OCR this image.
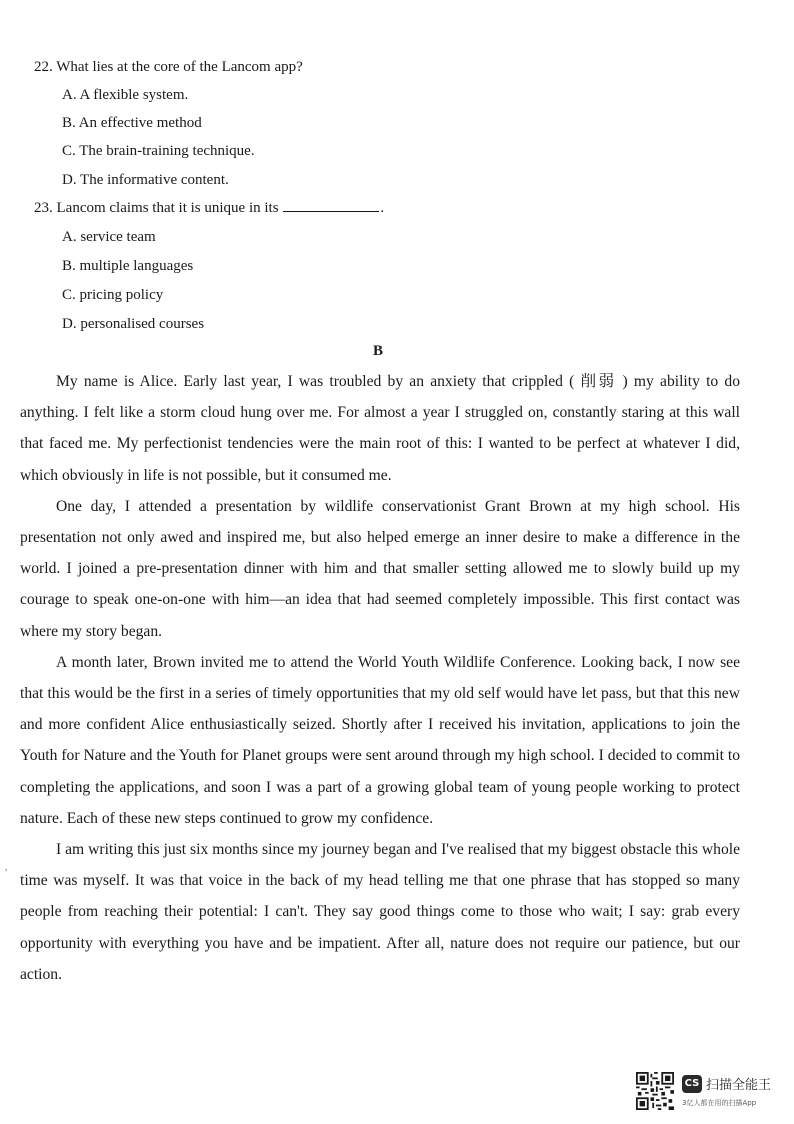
22. What lies at the core of the Lancom app?
A. A flexible system.
B. An effective method
C. The brain-training technique.
D. The informative content.
23. Lancom claims that it is unique in its	.
A. service team
B. multiple languages
C. pricing policy
D. personalised courses
B

My name is Alice. Early last year, I was troubled by an anxiety that crippled ( 削弱 ) my ability to do anything. I felt like a storm cloud hung over me. For almost a year I struggled on, constantly staring at this wall that faced me. My perfectionist tendencies were the main root of this: I wanted to be perfect at whatever I did, which obviously in life is not possible, but it consumed me.

One day, I attended a presentation by wildlife conservationist Grant Brown at my high school. His presentation not only awed and inspired me, but also helped emerge an inner desire to make a difference in the world. I joined a pre-presentation dinner with him and that smaller setting allowed me to slowly build up my courage to speak one-on-one with him—an idea that had seemed completely impossible. This first contact was where my story began.

A month later, Brown invited me to attend the World Youth Wildlife Conference. Looking back, I now see that this would be the first in a series of timely opportunities that my old self would have let pass, but that this new and more confident Alice enthusiastically seized. Shortly after I received his invitation, applications to join the Youth for Nature and the Youth for Planet groups were sent around through my high school. I decided to commit to completing the applications, and soon I was a part of a growing global team of young people working to protect nature. Each of these new steps continued to grow my confidence.

I am writing this just six months since my journey began and I've realised that my biggest obstacle this whole time was myself. It was that voice in the back of my head telling me that one phrase that has stopped so many people from reaching their potential: I can't. They say good things come to those who wait; I say: grab every opportunity with everything you have and be impatient. After all, nature does not require our patience, but our action.

,
CS 扫描全能王
3亿人都在用的扫描App
